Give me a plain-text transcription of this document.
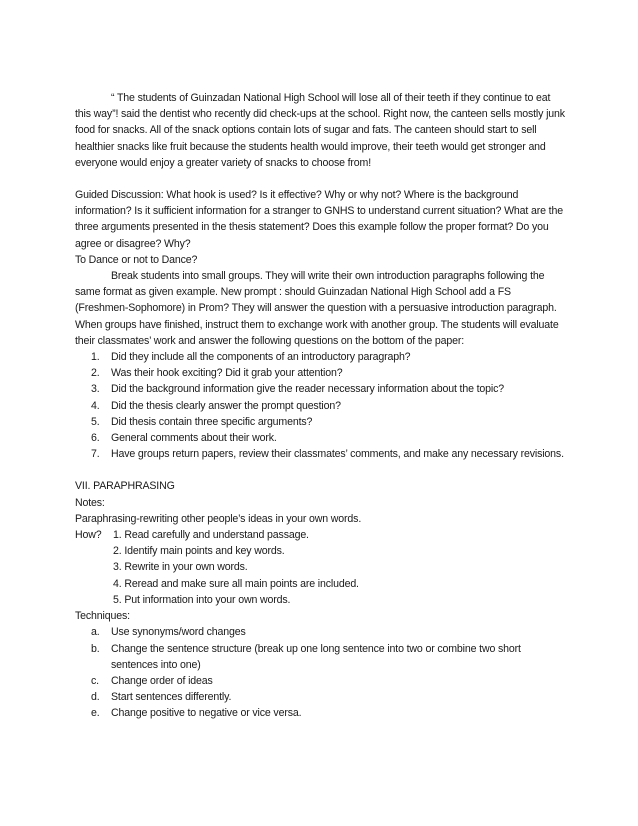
“ The students of Guinzadan National High School will lose all of their teeth if they continue to eat this way”! said the dentist who recently did check-ups at the school. Right now, the canteen sells mostly junk food for snacks. All of the snack options contain lots of sugar and fats. The canteen should start to sell healthier snacks like fruit because the students health would improve, their teeth would get stronger and everyone would enjoy a greater variety of snacks to choose from!

Guided Discussion: What hook is used? Is it effective? Why or why not? Where is the background information? Is it sufficient information for a stranger to GNHS to understand current situation? What are the three arguments presented in the thesis statement? Does this example follow the proper format? Do you agree or disagree? Why?

To Dance or not to Dance?

Break students into small groups. They will write their own introduction paragraphs following the same format as given example. New prompt : should Guinzadan National High School add a FS (Freshmen-Sophomore) in Prom? They will answer the question with a persuasive introduction paragraph.

When groups have finished, instruct them to exchange work with another group. The students will evaluate their classmates’ work and answer the following questions on the bottom of the paper:

1.	Did they include all the components of an introductory paragraph?
2.	Was their hook exciting? Did it grab your attention?
3.	Did the background information give the reader necessary information about the topic?
4.	Did the thesis clearly answer the prompt question?
5.	Did thesis contain three specific arguments?
6.	General comments about their work.
7.	Have groups return papers, review their classmates’ comments, and make any necessary revisions.

VII. PARAPHRASING

Notes:

Paraphrasing-rewriting other people’s ideas in your own words.

How?	1. Read carefully and understand passage.
2. Identify main points and key words.
3. Rewrite in your own words.
4. Reread and make sure all main points are included.
5. Put information into your own words.

Techniques:

a.	Use synonyms/word changes
b.	Change the sentence structure (break up one long sentence into two or combine two short sentences into one)
c.	Change order of ideas
d.	Start sentences differently.
e.	Change positive to negative or vice versa.
